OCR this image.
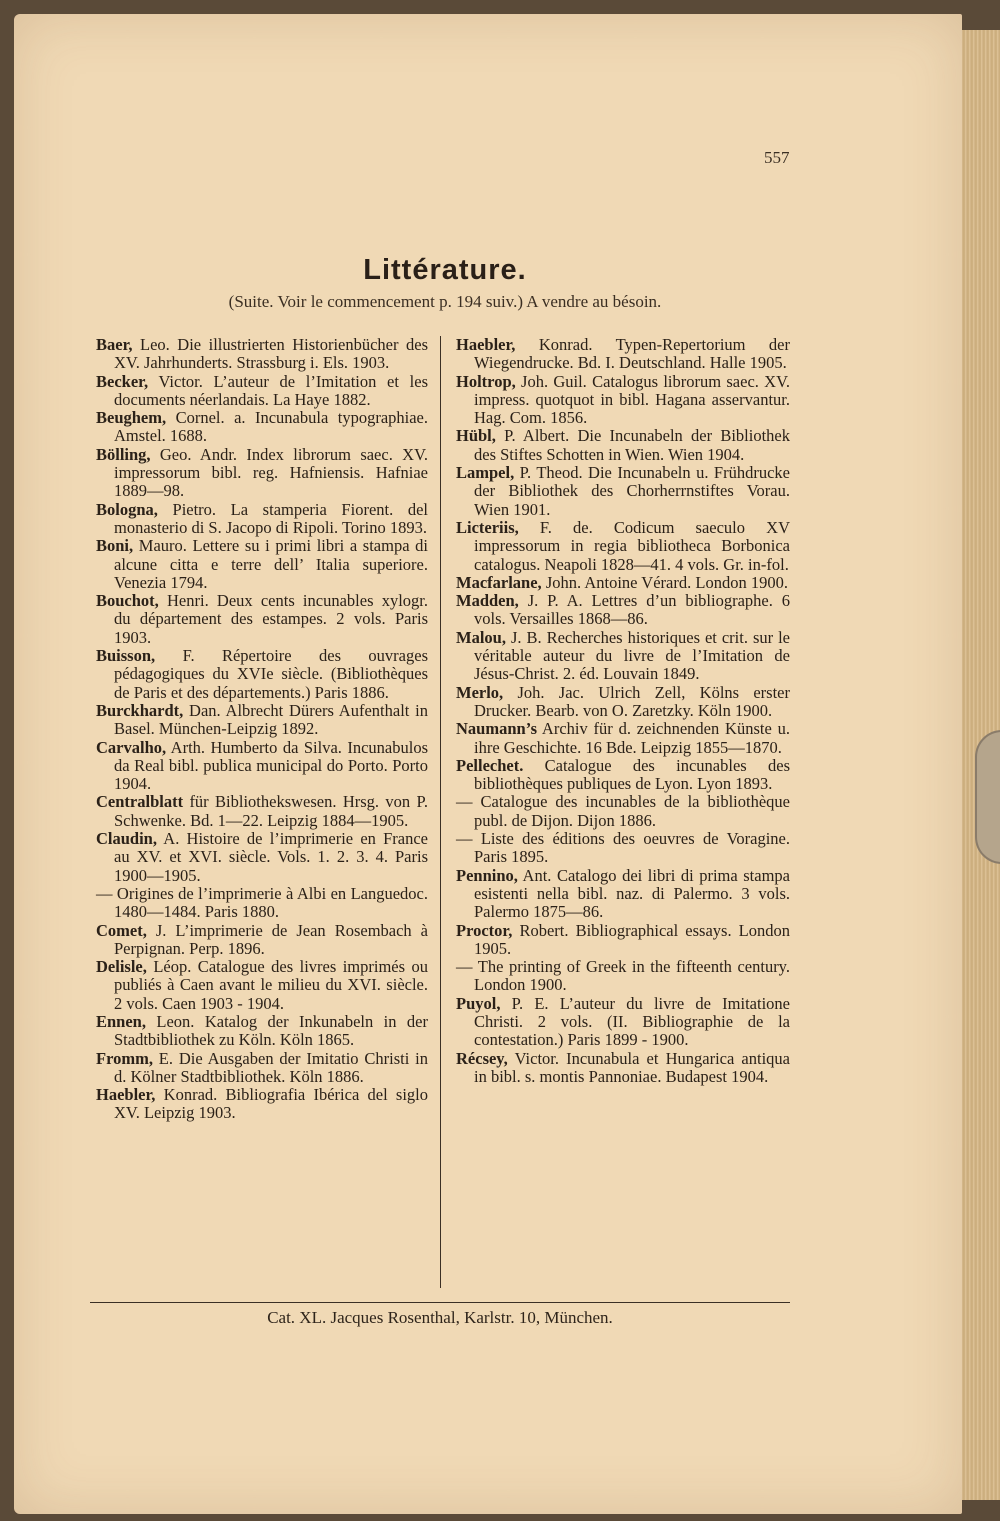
557
Littérature.
(Suite. Voir le commencement p. 194 suiv.) A vendre au bésoin.

Baer, Leo. Die illustrierten Historienbücher des XV. Jahrhunderts. Strassburg i. Els. 1903.

Becker, Victor. L’auteur de l’Imitation et les documents néerlandais. La Haye 1882.

Beughem, Cornel. a. Incunabula typographiae. Amstel. 1688.

Bölling, Geo. Andr. Index librorum saec. XV. impressorum bibl. reg. Hafniensis. Hafniae 1889—98.

Bologna, Pietro. La stamperia Fiorent. del monasterio di S. Jacopo di Ripoli. Torino 1893.

Boni, Mauro. Lettere su i primi libri a stampa di alcune citta e terre dell’ Italia superiore. Venezia 1794.

Bouchot, Henri. Deux cents incunables xylogr. du département des estampes. 2 vols. Paris 1903.

Buisson, F. Répertoire des ouvrages pédagogiques du XVIe siècle. (Bibliothèques de Paris et des départements.) Paris 1886.

Burckhardt, Dan. Albrecht Dürers Aufenthalt in Basel. München-Leipzig 1892.

Carvalho, Arth. Humberto da Silva. Incunabulos da Real bibl. publica municipal do Porto. Porto 1904.

Centralblatt für Bibliothekswesen. Hrsg. von P. Schwenke. Bd. 1—22. Leipzig 1884—1905.

Claudin, A. Histoire de l’imprimerie en France au XV. et XVI. siècle. Vols. 1. 2. 3. 4. Paris 1900—1905.

— Origines de l’imprimerie à Albi en Languedoc. 1480—1484. Paris 1880.

Comet, J. L’imprimerie de Jean Rosembach à Perpignan. Perp. 1896.

Delisle, Léop. Catalogue des livres imprimés ou publiés à Caen avant le milieu du XVI. siècle. 2 vols. Caen 1903 - 1904.

Ennen, Leon. Katalog der Inkunabeln in der Stadtbibliothek zu Köln. Köln 1865.

Fromm, E. Die Ausgaben der Imitatio Christi in d. Kölner Stadtbibliothek. Köln 1886.

Haebler, Konrad. Bibliografia Ibérica del siglo XV. Leipzig 1903.

Haebler, Konrad. Typen-Repertorium der Wiegendrucke. Bd. I. Deutschland. Halle 1905.

Holtrop, Joh. Guil. Catalogus librorum saec. XV. impress. quotquot in bibl. Hagana asservantur. Hag. Com. 1856.

Hübl, P. Albert. Die Incunabeln der Bibliothek des Stiftes Schotten in Wien. Wien 1904.

Lampel, P. Theod. Die Incunabeln u. Frühdrucke der Bibliothek des Chorherrnstiftes Vorau. Wien 1901.

Licteriis, F. de. Codicum saeculo XV impressorum in regia bibliotheca Borbonica catalogus. Neapoli 1828—41. 4 vols. Gr. in-fol.

Macfarlane, John. Antoine Vérard. London 1900.

Madden, J. P. A. Lettres d’un bibliographe. 6 vols. Versailles 1868—86.

Malou, J. B. Recherches historiques et crit. sur le véritable auteur du livre de l’Imitation de Jésus-Christ. 2. éd. Louvain 1849.

Merlo, Joh. Jac. Ulrich Zell, Kölns erster Drucker. Bearb. von O. Zaretzky. Köln 1900.

Naumann’s Archiv für d. zeichnenden Künste u. ihre Geschichte. 16 Bde. Leipzig 1855—1870.

Pellechet. Catalogue des incunables des bibliothèques publiques de Lyon. Lyon 1893.

— Catalogue des incunables de la bibliothèque publ. de Dijon. Dijon 1886.

— Liste des éditions des oeuvres de Voragine. Paris 1895.

Pennino, Ant. Catalogo dei libri di prima stampa esistenti nella bibl. naz. di Palermo. 3 vols. Palermo 1875—86.

Proctor, Robert. Bibliographical essays. London 1905.

— The printing of Greek in the fifteenth century. London 1900.

Puyol, P. E. L’auteur du livre de Imitatione Christi. 2 vols. (II. Bibliographie de la contestation.) Paris 1899 - 1900.

Récsey, Victor. Incunabula et Hungarica antiqua in bibl. s. montis Pannoniae. Budapest 1904.

Cat. XL. Jacques Rosenthal, Karlstr. 10, München.
